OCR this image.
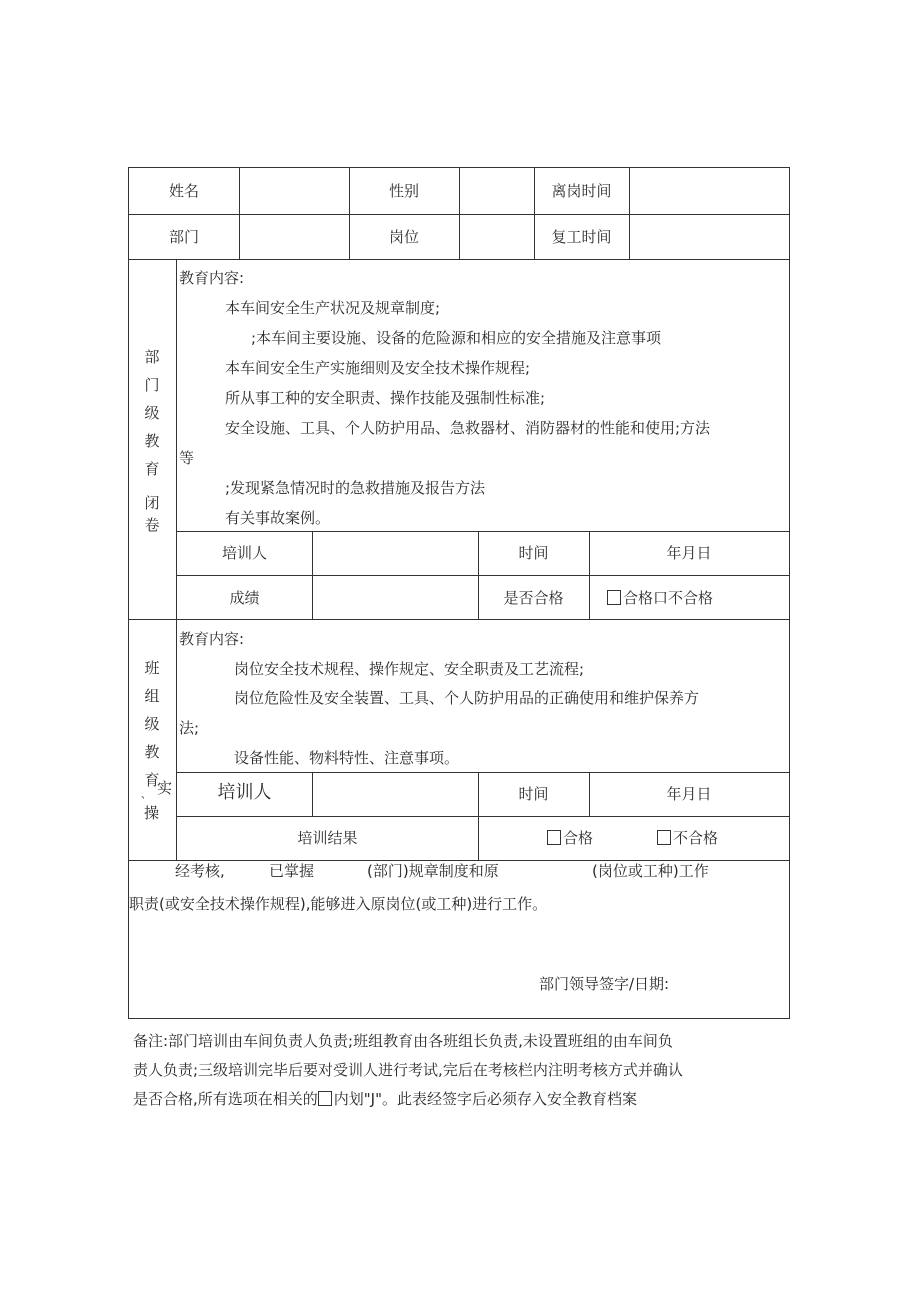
姓名	性别	离岗时间
部门	岗位	复工时间
部
门
级
教
育
闭
卷
教育内容:
本车间安全生产状况及规章制度;
;本车间主要设施、设备的危险源和相应的安全措施及注意事项
本车间安全生产实施细则及安全技术操作规程;
所从事工种的安全职责、操作技能及强制性标准;
安全设施、工具、个人防护用品、急救器材、消防器材的性能和使用;方法
等
;发现紧急情况时的急救措施及报告方法
有关事故案例。
培训人	时间	年月日
成绩	是否合格	合格口不合格
班
组
级
教
育
、 实
操
教育内容:
岗位安全技术规程、操作规定、安全职责及工艺流程;
岗位危险性及安全装置、工具、个人防护用品的正确使用和维护保养方
法;
设备性能、物料特性、注意事项。
培训人	时间	年月日
培训结果	合格	不合格
经考核,	已掌握	(部门)规章制度和原	(岗位或工种)工作
职责(或安全技术操作规程),能够进入原岗位(或工种)进行工作。
部门领导签字/日期:
备注:部门培训由车间负责人负责;班组教育由各班组长负责,未设置班组的由车间负
责人负责;三级培训完毕后要对受训人进行考试,完后在考核栏内注明考核方式并确认
是否合格,所有选项在相关的 内划"J"。此表经签字后必须存入安全教育档案
